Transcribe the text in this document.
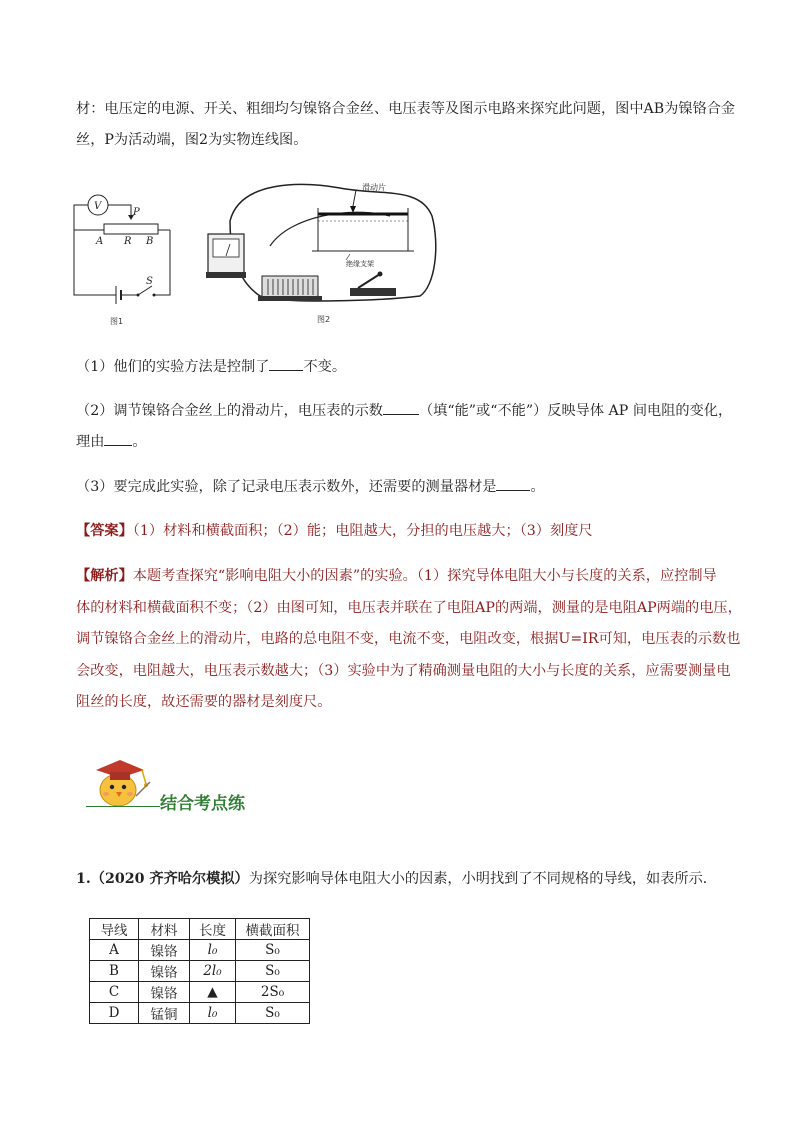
材：电压定的电源、开关、粗细均匀镍铬合金丝、电压表等及图示电路来探究此问题，图中AB为镍铬合金

丝，P为活动端，图2为实物连线图。

V
P
A R B
S
图1
滑动片
绝缘支架
图2

（1）他们的实验方法是控制了 不变。

（2）调节镍铬合金丝上的滑动片，电压表的示数	（填“能”或“不能”）反映导体 AP 间电阻的变化，

理由 。

（3）要完成此实验，除了记录电压表示数外，还需要的测量器材是 。

【答案】（1）材料和横截面积；（2）能；电阻越大，分担的电压越大；（3）刻度尺

【解析】本题考查探究“影响电阻大小的因素”的实验。（1）探究导体电阻大小与长度的关系，应控制导

体的材料和横截面积不变；（2）由图可知，电压表并联在了电阻AP的两端，测量的是电阻AP两端的电压，

调节镍铬合金丝上的滑动片，电路的总电阻不变，电流不变，电阻改变，根据U=IR可知，电压表的示数也

会改变，电阻越大，电压表示数越大；（3）实验中为了精确测量电阻的大小与长度的关系，应需要测量电

阻丝的长度，故还需要的器材是刻度尺。

结合考点练

1.（2020 齐齐哈尔模拟）为探究影响导体电阻大小的因素，小明找到了不同规格的导线，如表所示．

导线	材料	长度	横截面积
A	镍铬	l₀	S₀
B	镍铬	2l₀	S₀
C	镍铬	▲	2S₀
D	锰铜	l₀	S₀
